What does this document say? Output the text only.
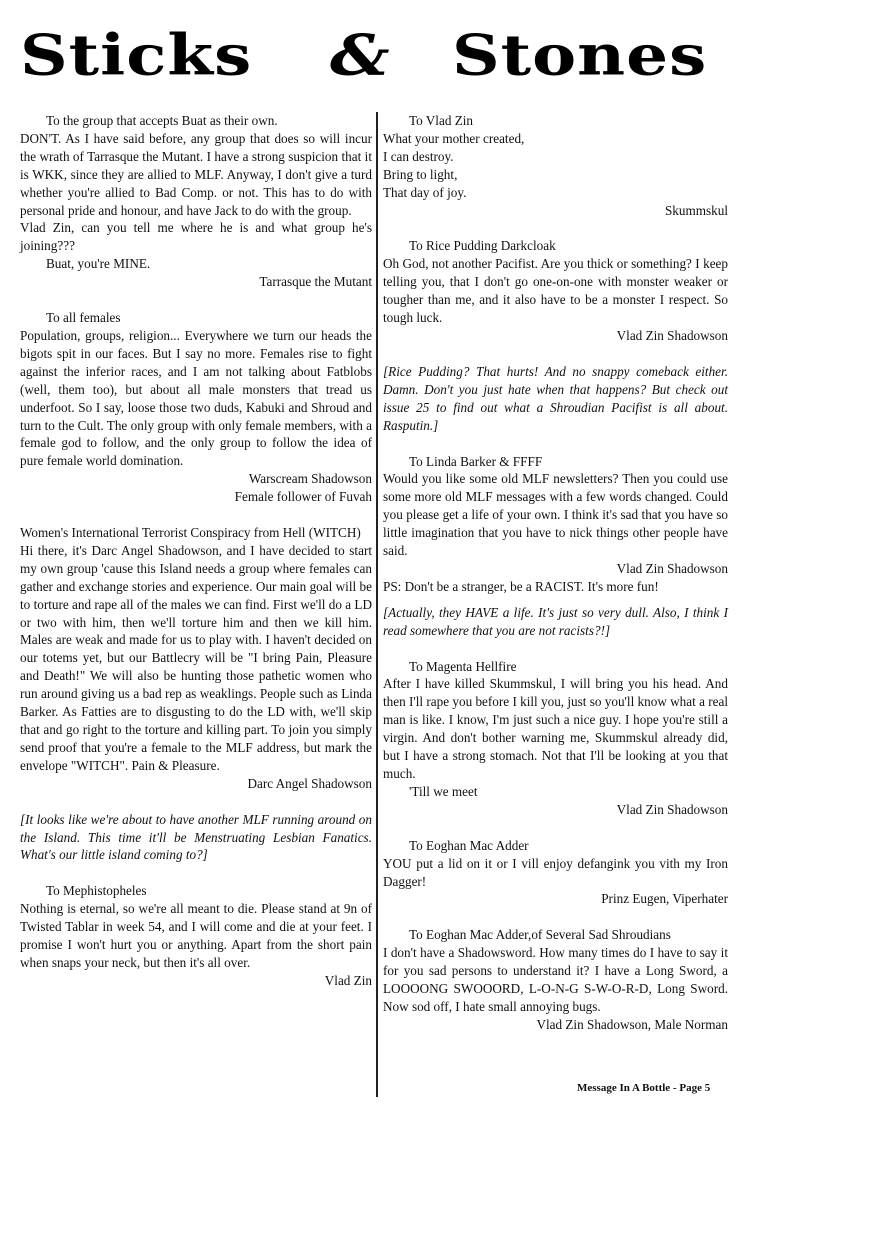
Sticks & Stones
To the group that accepts Buat as their own.

DON'T. As I have said before, any group that does so will incur the wrath of Tarrasque the Mutant. I have a strong suspicion that it is WKK, since they are allied to MLF. Anyway, I don't give a turd whether you're allied to Bad Comp. or not. This has to do with personal pride and honour, and have Jack to do with the group.

Vlad Zin, can you tell me where he is and what group he's joining???

Buat, you're MINE.

Tarrasque the Mutant
To all females

Population, groups, religion... Everywhere we turn our heads the bigots spit in our faces. But I say no more. Females rise to fight against the inferior races, and I am not talking about Fatblobs (well, them too), but about all male monsters that tread us underfoot. So I say, loose those two duds, Kabuki and Shroud and turn to the Cult. The only group with only female members, with a female god to follow, and the only group to follow the idea of pure female world domination.

Warscream Shadowson
Female follower of Fuvah
Women's International Terrorist Conspiracy from Hell (WITCH)

Hi there, it's Darc Angel Shadowson, and I have decided to start my own group 'cause this Island needs a group where females can gather and exchange stories and experience. Our main goal will be to torture and rape all of the males we can find. First we'll do a LD or two with him, then we'll torture him and then we kill him. Males are weak and made for us to play with. I haven't decided on our totems yet, but our Battlecry will be "I bring Pain, Pleasure and Death!" We will also be hunting those pathetic women who run around giving us a bad rep as weaklings. People such as Linda Barker. As Fatties are to disgusting to do the LD with, we'll skip that and go right to the torture and killing part. To join you simply send proof that you're a female to the MLF address, but mark the envelope "WITCH". Pain & Pleasure.

Darc Angel Shadowson

[It looks like we're about to have another MLF running around on the Island. This time it'll be Menstruating Lesbian Fanatics. What's our little island coming to?]

To Mephistopheles

Nothing is eternal, so we're all meant to die. Please stand at 9n of Twisted Tablar in week 54, and I will come and die at your feet. I promise I won't hurt you or anything. Apart from the short pain when snaps your neck, but then it's all over.

Vlad Zin
To Vlad Zin
What your mother created,
I can destroy.
Bring to light,
That day of joy.
Skummskul
To Rice Pudding Darkcloak

Oh God, not another Pacifist. Are you thick or something? I keep telling you, that I don't go one-on-one with monster weaker or tougher than me, and it also have to be a monster I respect. So tough luck.

Vlad Zin Shadowson

[Rice Pudding? That hurts! And no snappy comeback either. Damn. Don't you just hate when that happens? But check out issue 25 to find out what a Shroudian Pacifist is all about. Rasputin.]

To Linda Barker & FFFF

Would you like some old MLF newsletters? Then you could use some more old MLF messages with a few words changed. Could you please get a life of your own. I think it's sad that you have so little imagination that you have to nick things other people have said.

Vlad Zin Shadowson

PS: Don't be a stranger, be a RACIST. It's more fun!

[Actually, they HAVE a life. It's just so very dull. Also, I think I read somewhere that you are not racists?!]

To Magenta Hellfire

After I have killed Skummskul, I will bring you his head. And then I'll rape you before I kill you, just so you'll know what a real man is like. I know, I'm just such a nice guy. I hope you're still a virgin. And don't bother warning me, Skummskul already did, but I have a strong stomach. Not that I'll be looking at you that much.

'Till we meet

Vlad Zin Shadowson
To Eoghan Mac Adder

YOU put a lid on it or I vill enjoy defangink you vith my Iron Dagger!

Prinz Eugen, Viperhater
To Eoghan Mac Adder,of Several Sad Shroudians

I don't have a Shadowsword. How many times do I have to say it for you sad persons to understand it? I have a Long Sword, a LOOOONG SWOOORD, L-O-N-G S-W-O-R-D, Long Sword. Now sod off, I hate small annoying bugs.

Vlad Zin Shadowson, Male Norman
Message In A Bottle - Page 5
